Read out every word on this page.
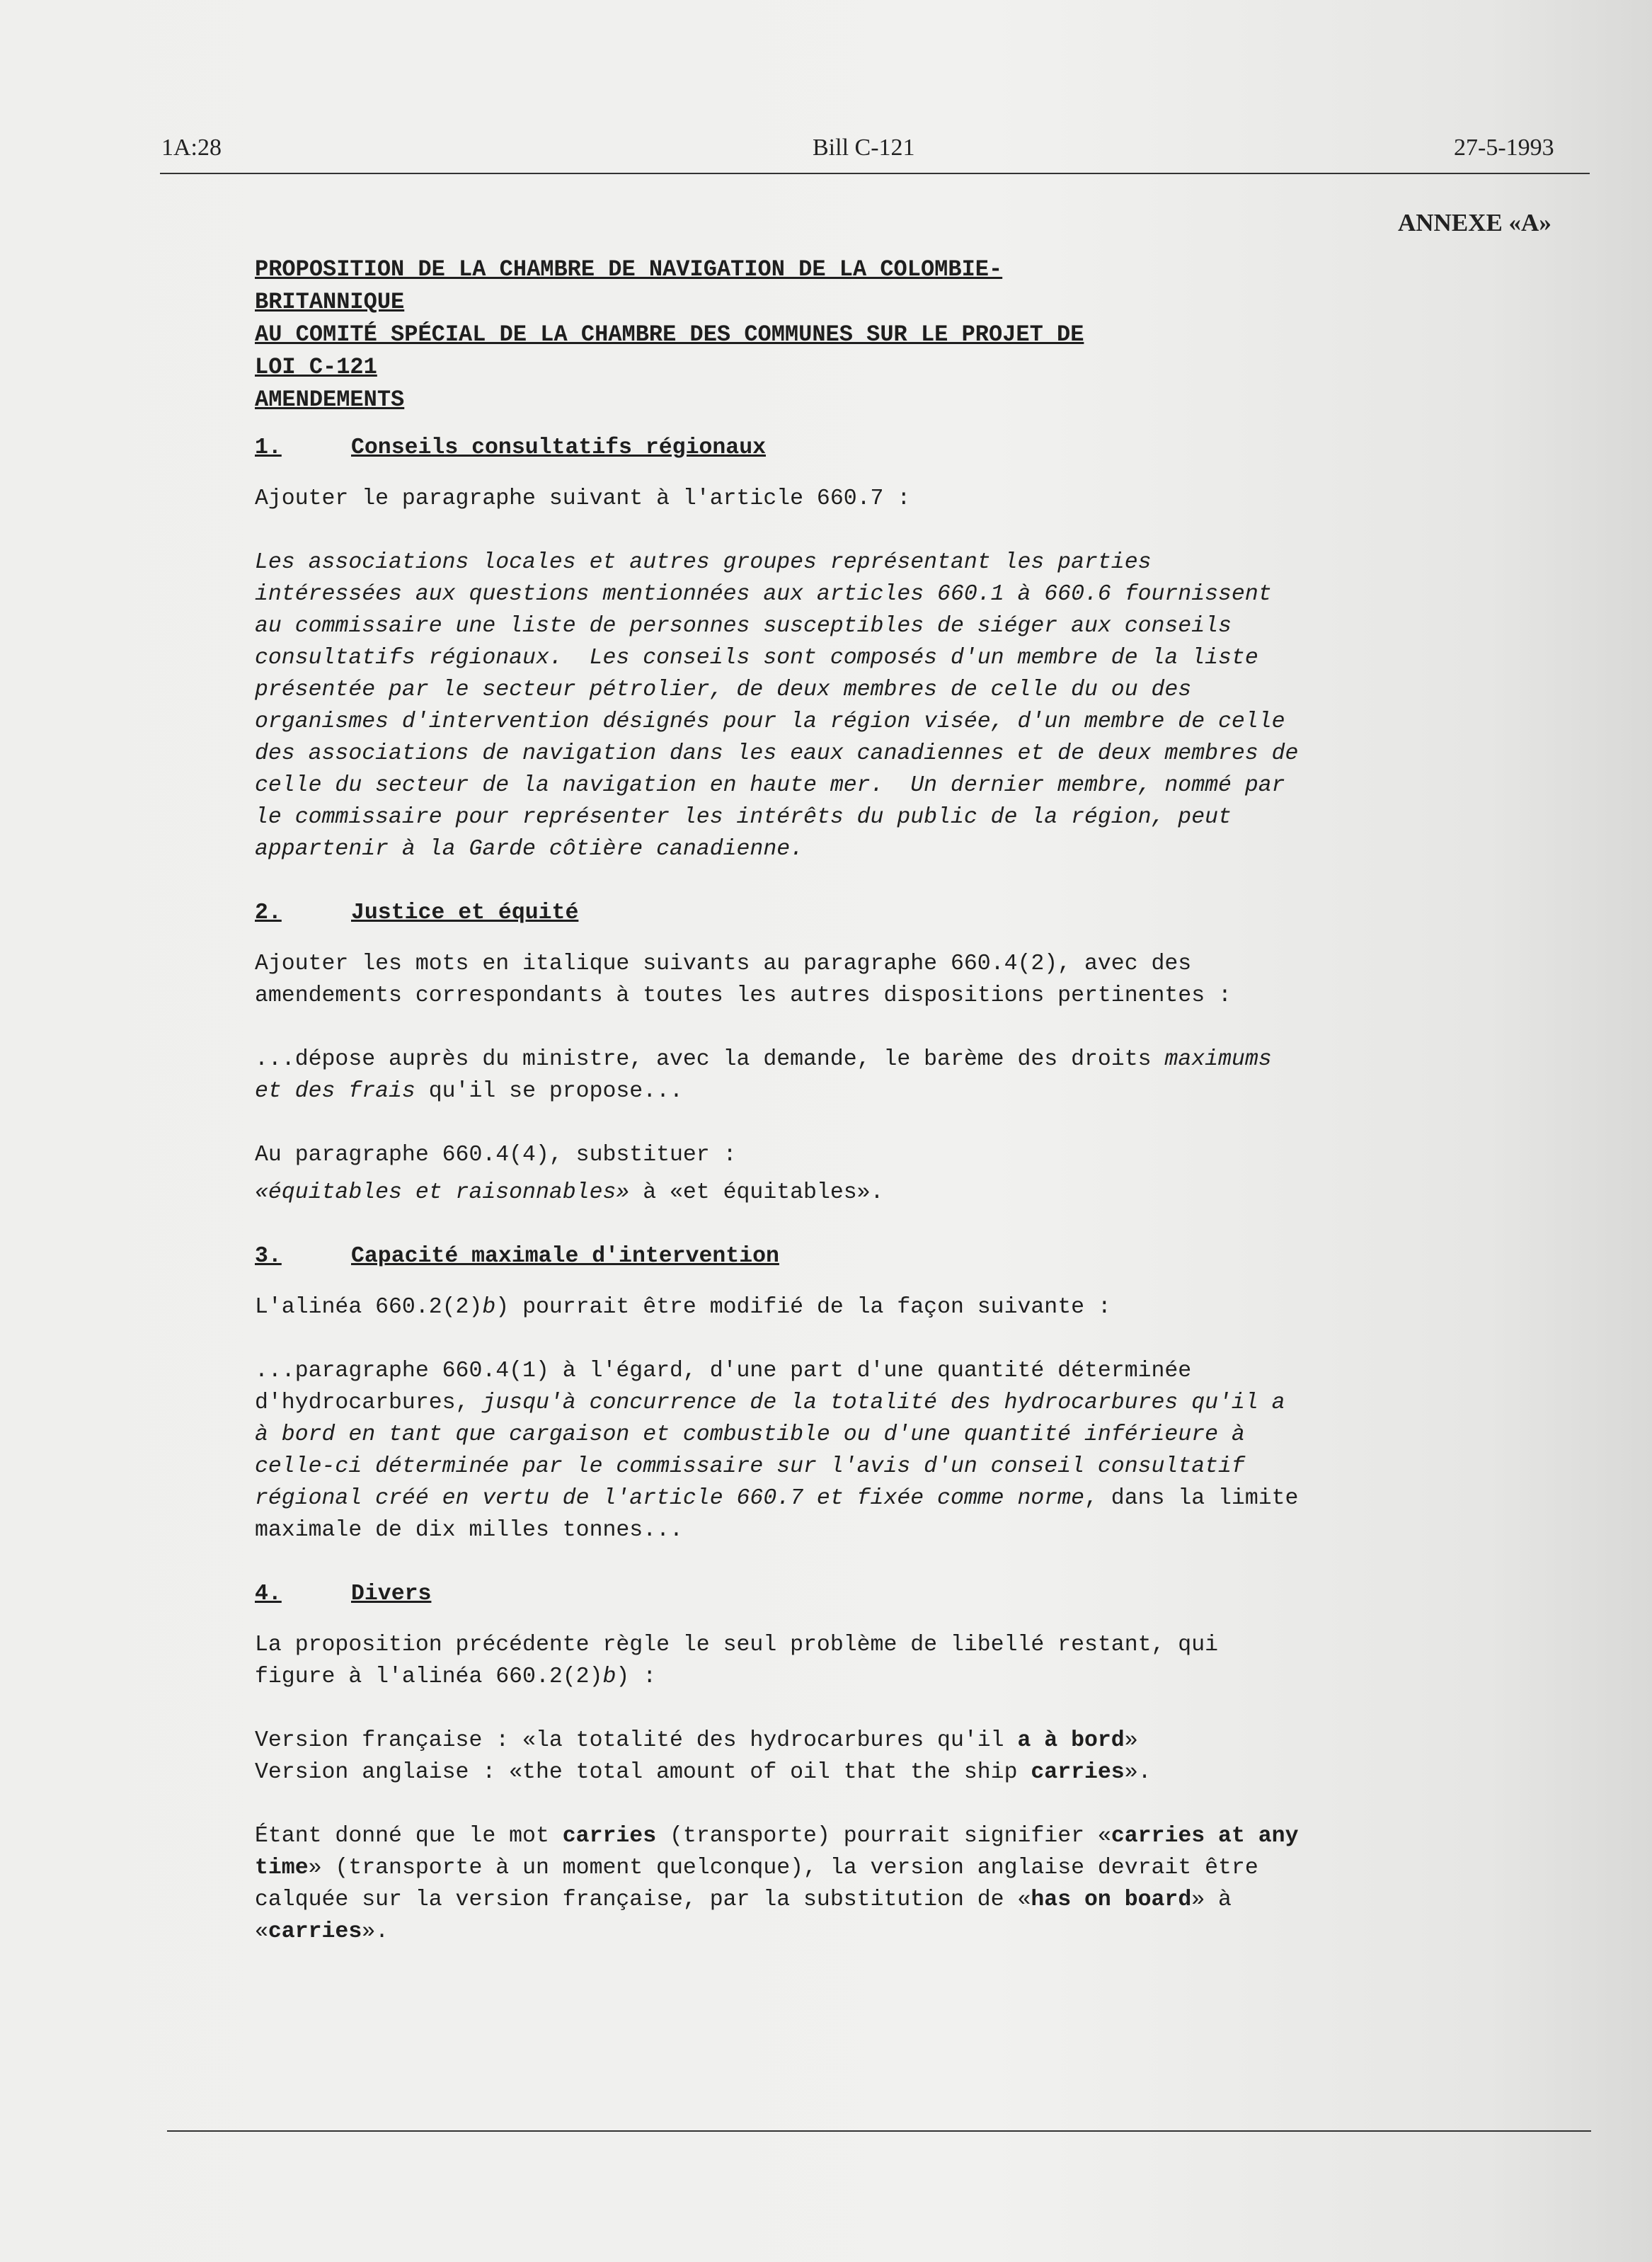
1A:28	Bill C-121	27-5-1993
ANNEXE «A»
PROPOSITION DE LA CHAMBRE DE NAVIGATION DE LA COLOMBIE-
BRITANNIQUE
AU COMITÉ SPÉCIAL DE LA CHAMBRE DES COMMUNES SUR LE PROJET DE
LOI C-121
AMENDEMENTS
1.	Conseils consultatifs régionaux
Ajouter le paragraphe suivant à l'article 660.7 :
Les associations locales et autres groupes représentant les parties
intéressées aux questions mentionnées aux articles 660.1 à 660.6 fournissent
au commissaire une liste de personnes susceptibles de siéger aux conseils
consultatifs régionaux.  Les conseils sont composés d'un membre de la liste
présentée par le secteur pétrolier, de deux membres de celle du ou des
organismes d'intervention désignés pour la région visée, d'un membre de celle
des associations de navigation dans les eaux canadiennes et de deux membres de
celle du secteur de la navigation en haute mer.  Un dernier membre, nommé par
le commissaire pour représenter les intérêts du public de la région, peut
appartenir à la Garde côtière canadienne.
2.	Justice et équité
Ajouter les mots en italique suivants au paragraphe 660.4(2), avec des
amendements correspondants à toutes les autres dispositions pertinentes :
...dépose auprès du ministre, avec la demande, le barème des droits maximums
et des frais qu'il se propose...
Au paragraphe 660.4(4), substituer :
«équitables et raisonnables» à «et équitables».
3.	Capacité maximale d'intervention
L'alinéa 660.2(2)b) pourrait être modifié de la façon suivante :
...paragraphe 660.4(1) à l'égard, d'une part d'une quantité déterminée
d'hydrocarbures, jusqu'à concurrence de la totalité des hydrocarbures qu'il a
à bord en tant que cargaison et combustible ou d'une quantité inférieure à
celle-ci déterminée par le commissaire sur l'avis d'un conseil consultatif
régional créé en vertu de l'article 660.7 et fixée comme norme, dans la limite
maximale de dix milles tonnes...
4.	Divers
La proposition précédente règle le seul problème de libellé restant, qui
figure à l'alinéa 660.2(2)b) :
Version française : «la totalité des hydrocarbures qu'il a à bord»
Version anglaise : «the total amount of oil that the ship carries».
Étant donné que le mot carries (transporte) pourrait signifier «carries at any
time» (transporte à un moment quelconque), la version anglaise devrait être
calquée sur la version française, par la substitution de «has on board» à
«carries».
